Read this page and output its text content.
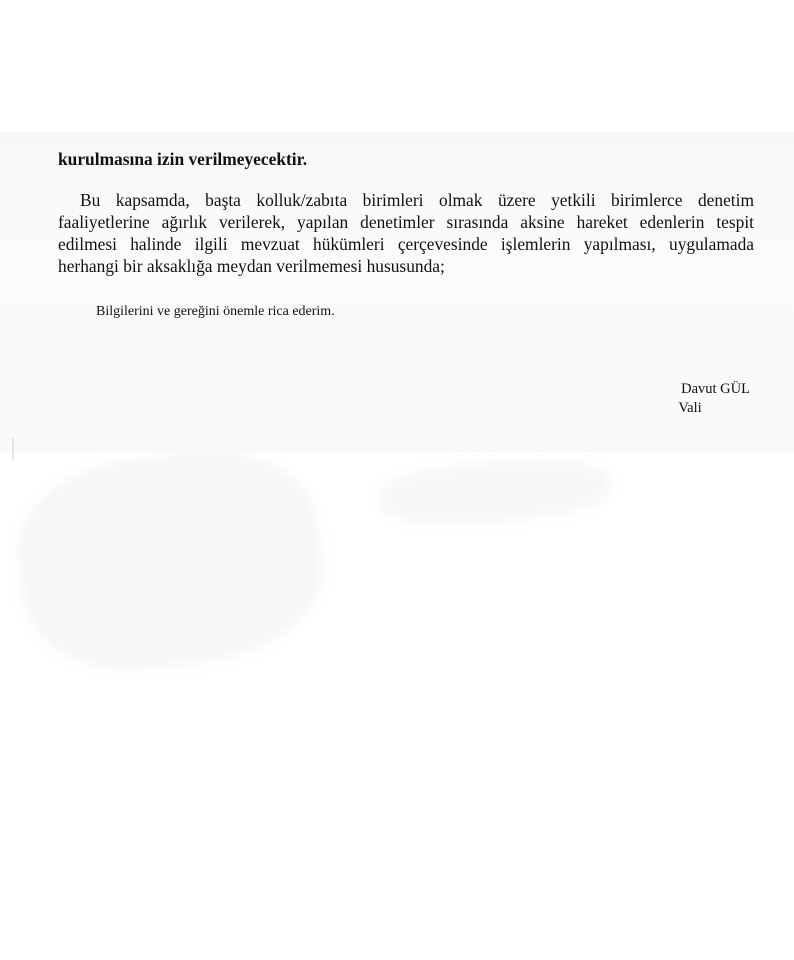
kurulmasına izin verilmeyecektir.
Bu kapsamda, başta kolluk/zabıta birimleri olmak üzere yetkili birimlerce denetim
faaliyetlerine ağırlık verilerek, yapılan denetimler sırasında aksine hareket edenlerin tespit
edilmesi halinde ilgili mevzuat hükümleri çerçevesinde işlemlerin yapılması, uygulamada
herhangi bir aksaklığa meydan verilmemesi hususunda;
Bilgilerini ve gereğini önemle rica ederim.
Davut GÜL
Vali
